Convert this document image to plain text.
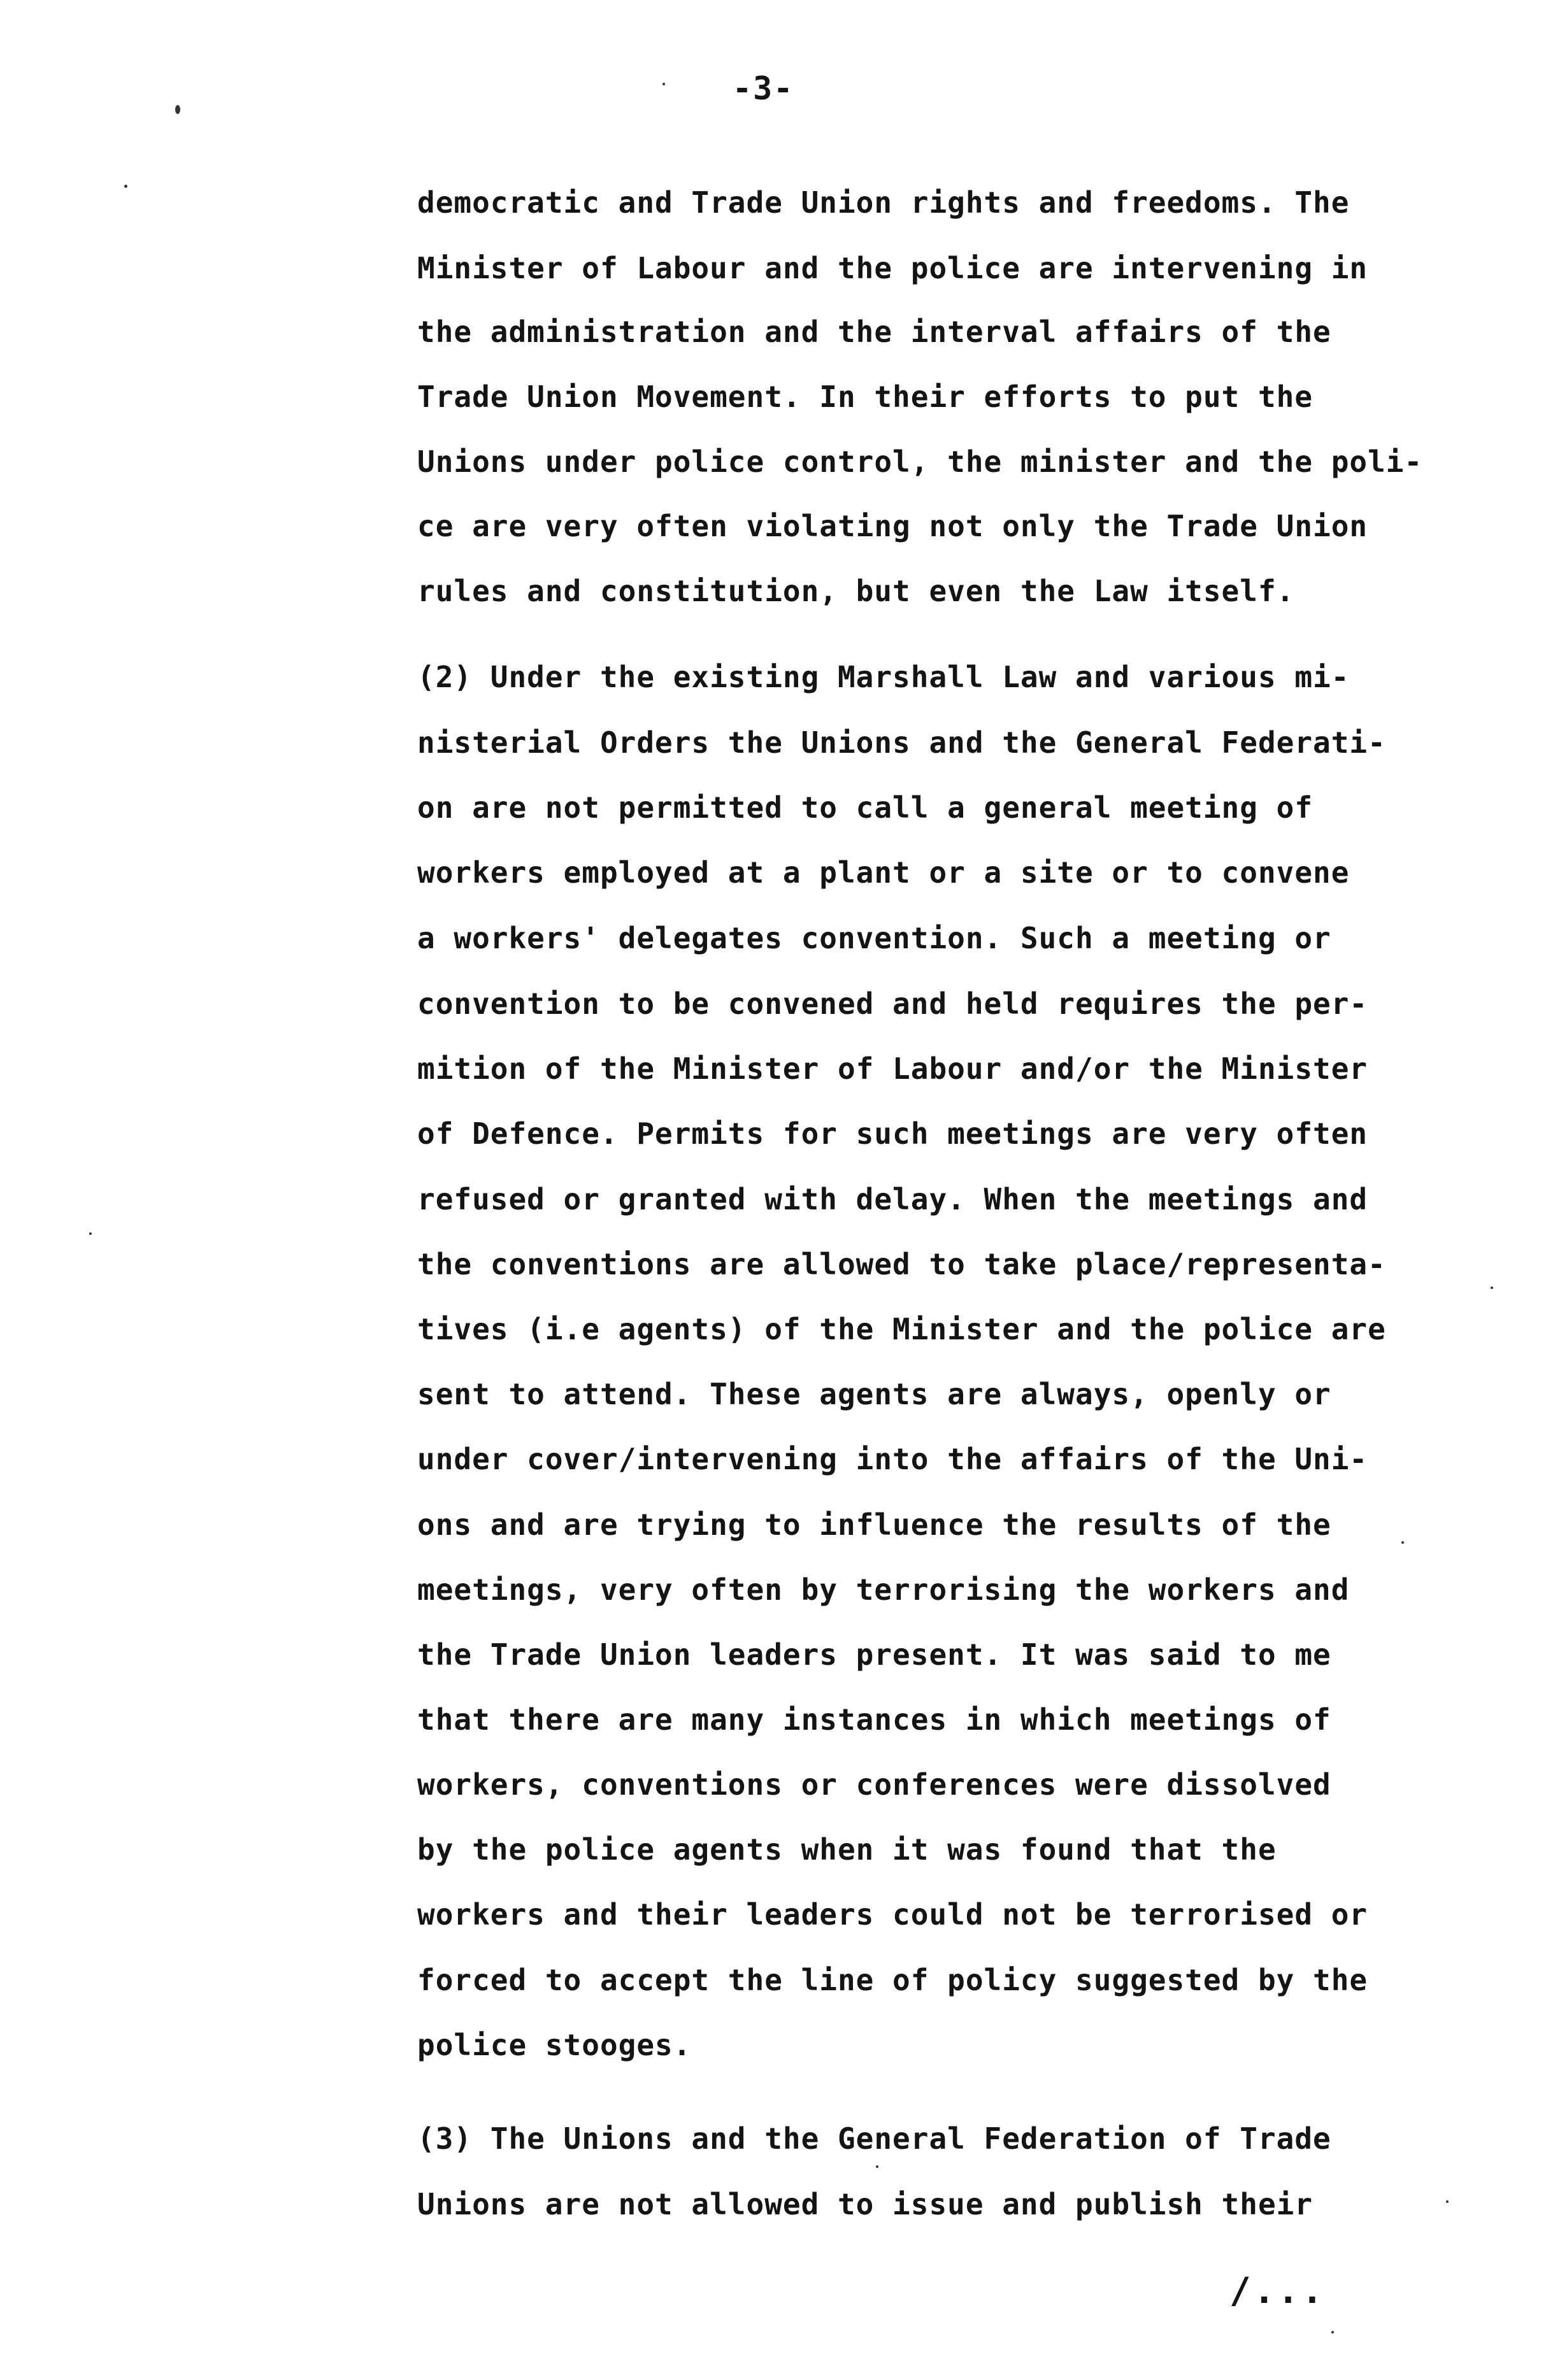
-3-
democratic and Trade Union rights and freedoms. The
Minister of Labour and the police are intervening in
the administration and the interval affairs of the
Trade Union Movement. In their efforts to put the
Unions under police control, the minister and the poli-
ce are very often violating not only the Trade Union
rules and constitution, but even the Law itself.
(2) Under the existing Marshall Law and various mi-
nisterial Orders the Unions and the General Federati-
on are not permitted to call a general meeting of
workers employed at a plant or a site or to convene
a workers' delegates convention. Such a meeting or
convention to be convened and held requires the per-
mition of the Minister of Labour and/or the Minister
of Defence. Permits for such meetings are very often
refused or granted with delay. When the meetings and
the conventions are allowed to take place/representa-
tives (i.e agents) of the Minister and the police are
sent to attend. These agents are always, openly or
under cover/intervening into the affairs of the Uni-
ons and are trying to influence the results of the
meetings, very often by terrorising the workers and
the Trade Union leaders present. It was said to me
that there are many instances in which meetings of
workers, conventions or conferences were dissolved
by the police agents when it was found that the
workers and their leaders could not be terrorised or
forced to accept the line of policy suggested by the
police stooges.
(3) The Unions and the General Federation of Trade
Unions are not allowed to issue and publish their
/...
